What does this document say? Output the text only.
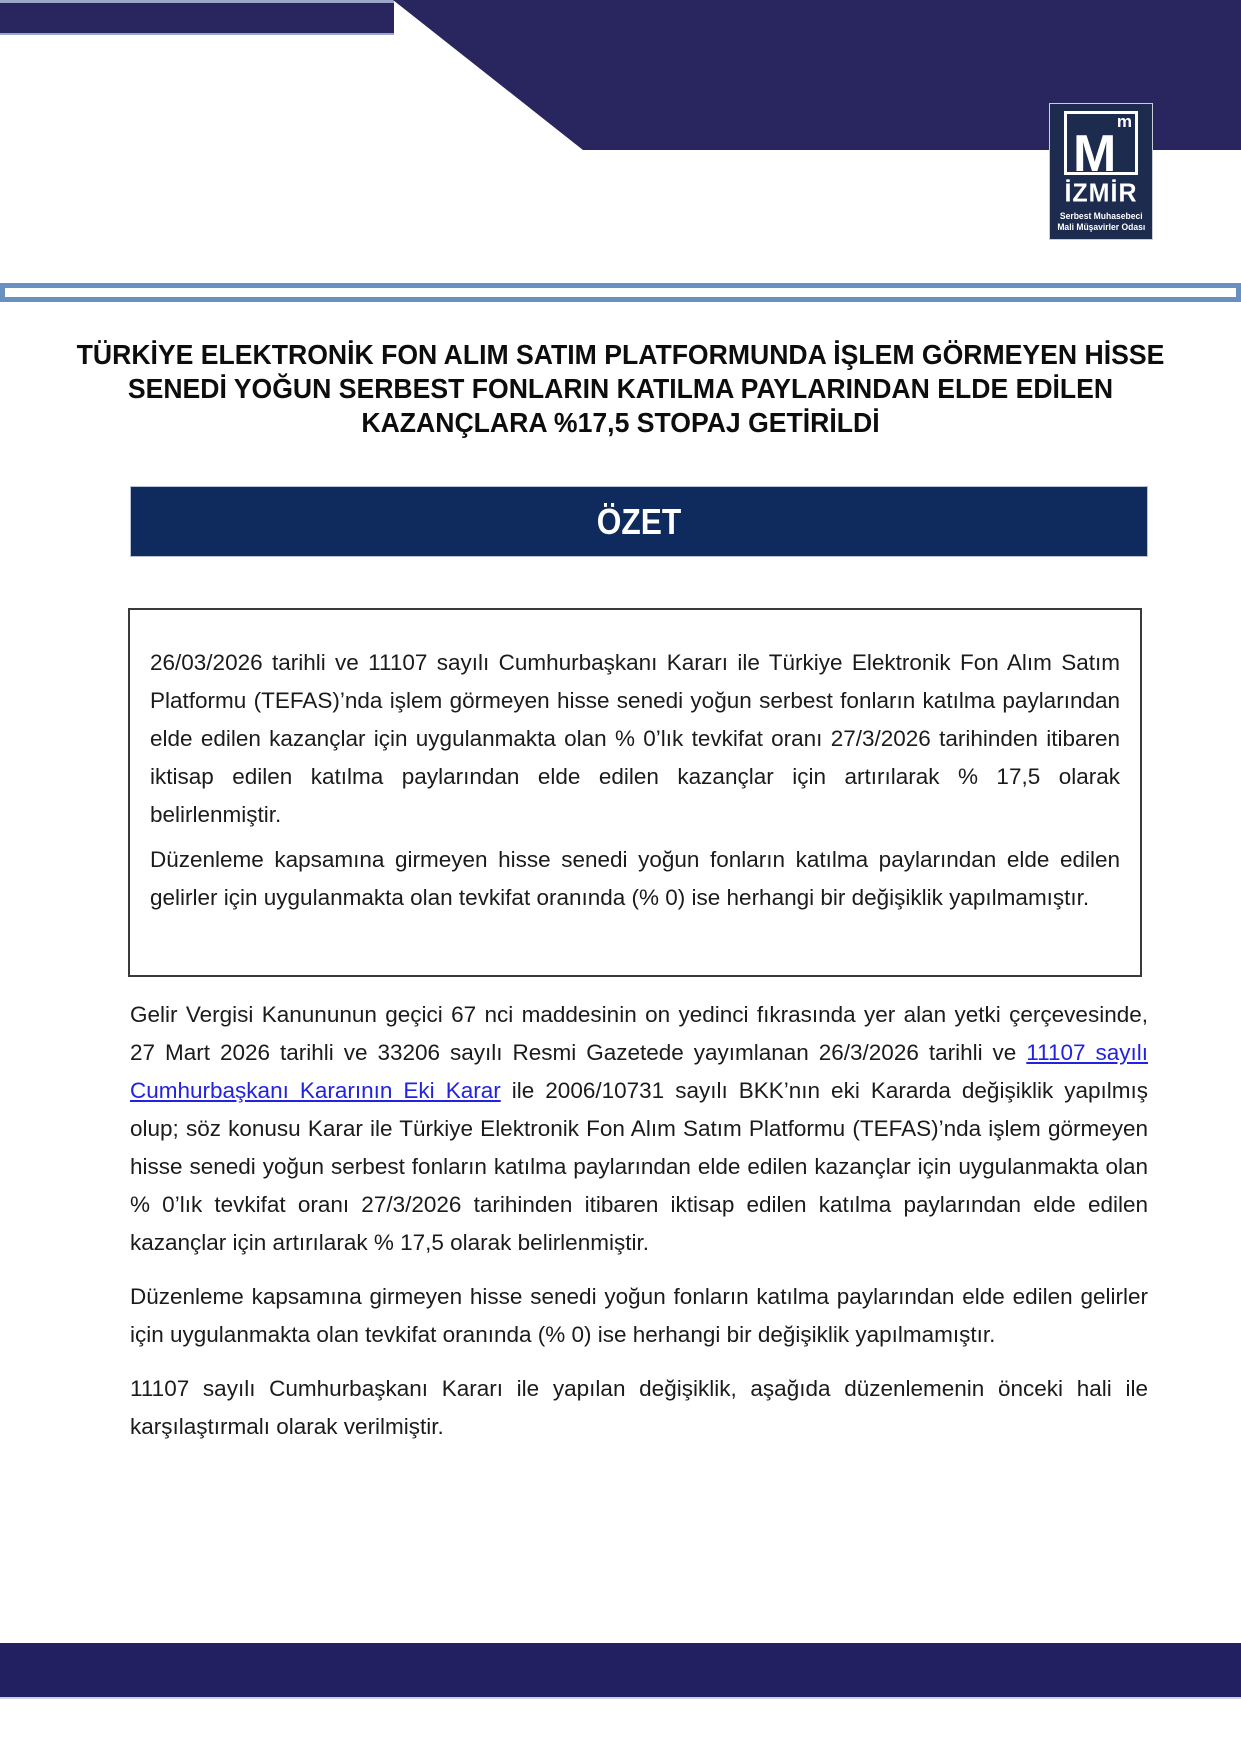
M
m
İZMİR
Serbest Muhasebeci
Mali Müşavirler Odası
TÜRKİYE ELEKTRONİK FON ALIM SATIM PLATFORMUNDA İŞLEM GÖRMEYEN HİSSE
SENEDİ YOĞUN SERBEST FONLARIN KATILMA PAYLARINDAN ELDE EDİLEN
KAZANÇLARA %17,5 STOPAJ GETİRİLDİ
ÖZET

26/03/2026 tarihli ve 11107 sayılı Cumhurbaşkanı Kararı ile Türkiye Elektronik Fon Alım Satım Platformu (TEFAS)’nda işlem görmeyen hisse senedi yoğun serbest fonların katılma paylarından elde edilen kazançlar için uygulanmakta olan % 0’lık tevkifat oranı 27/3/2026 tarihinden itibaren iktisap edilen katılma paylarından elde edilen kazançlar için artırılarak % 17,5 olarak belirlenmiştir.

Düzenleme kapsamına girmeyen hisse senedi yoğun fonların katılma paylarından elde edilen gelirler için uygulanmakta olan tevkifat oranında (% 0) ise herhangi bir değişiklik yapılmamıştır.

Gelir Vergisi Kanununun geçici 67 nci maddesinin on yedinci fıkrasında yer alan yetki çerçevesinde, 27 Mart 2026 tarihli ve 33206 sayılı Resmi Gazetede yayımlanan 26/3/2026 tarihli ve 11107 sayılı Cumhurbaşkanı Kararının Eki Karar ile 2006/10731 sayılı BKK’nın eki Kararda değişiklik yapılmış olup; söz konusu Karar ile Türkiye Elektronik Fon Alım Satım Platformu (TEFAS)’nda işlem görmeyen hisse senedi yoğun serbest fonların katılma paylarından elde edilen kazançlar için uygulanmakta olan % 0’lık tevkifat oranı 27/3/2026 tarihinden itibaren iktisap edilen katılma paylarından elde edilen kazançlar için artırılarak % 17,5 olarak belirlenmiştir.

Düzenleme kapsamına girmeyen hisse senedi yoğun fonların katılma paylarından elde edilen gelirler için uygulanmakta olan tevkifat oranında (% 0) ise herhangi bir değişiklik yapılmamıştır.

11107 sayılı Cumhurbaşkanı Kararı ile yapılan değişiklik, aşağıda düzenlemenin önceki hali ile karşılaştırmalı olarak verilmiştir.
